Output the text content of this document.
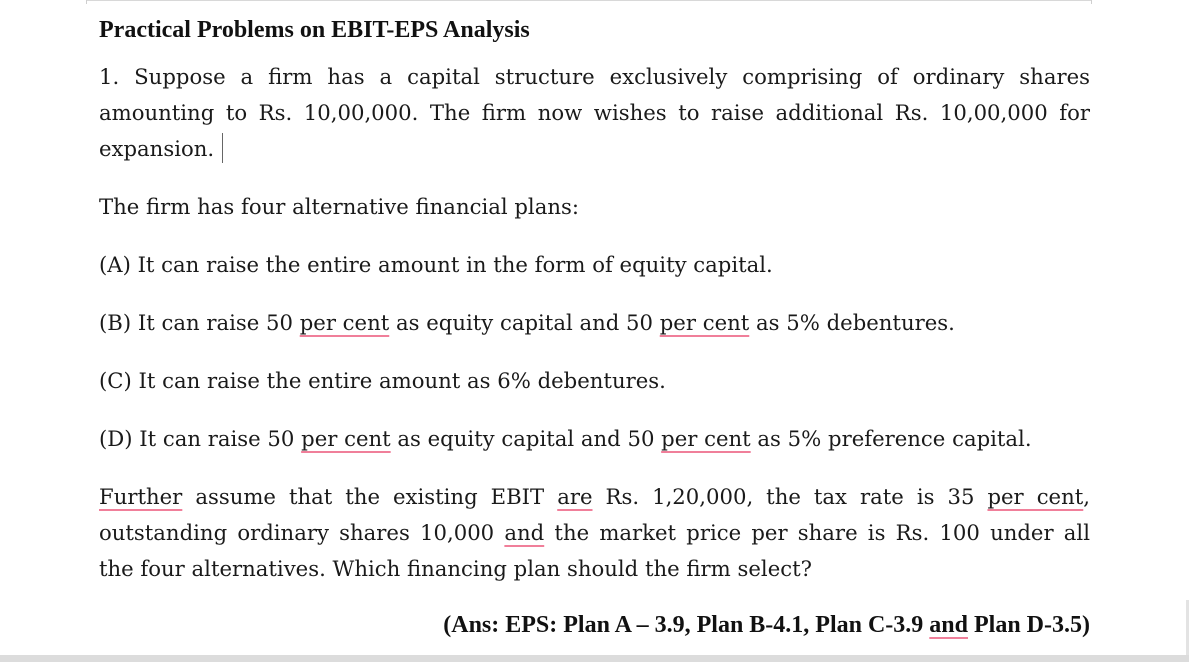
Practical Problems on EBIT-EPS Analysis

1. Suppose a firm has a capital structure exclusively comprising of ordinary shares
amounting to Rs. 10,00,000. The firm now wishes to raise additional Rs. 10,00,000 for
expansion.

The firm has four alternative financial plans:

(A) It can raise the entire amount in the form of equity capital.

(B) It can raise 50 per cent as equity capital and 50 per cent as 5% debentures.

(C) It can raise the entire amount as 6% debentures.

(D) It can raise 50 per cent as equity capital and 50 per cent as 5% preference capital.

Further assume that the existing EBIT are Rs. 1,20,000, the tax rate is 35 per cent,
outstanding ordinary shares 10,000 and the market price per share is Rs. 100 under all
the four alternatives. Which financing plan should the firm select?

(Ans: EPS: Plan A – 3.9, Plan B-4.1, Plan C-3.9 and Plan D-3.5)
